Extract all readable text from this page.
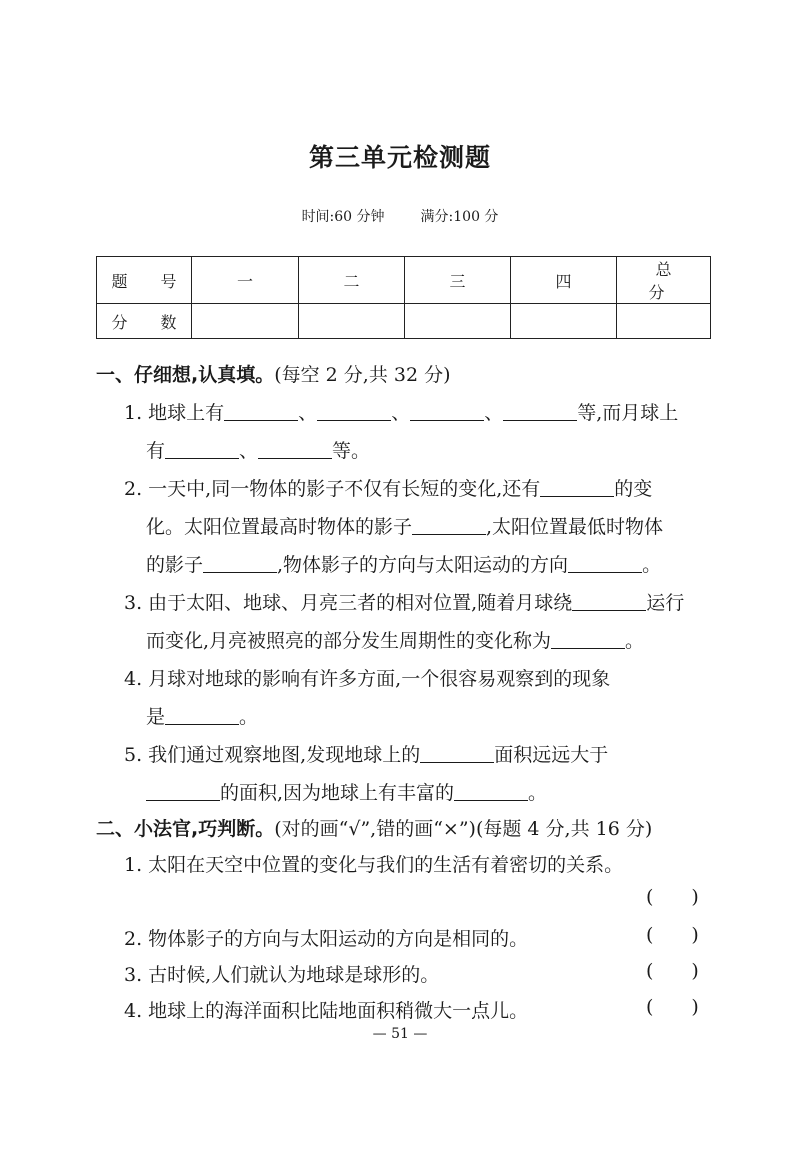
第三单元检测题
时间:60 分钟	满分:100 分
题 号	一	二	三	四	总 分
分 数					
一、仔细想,认真填。(每空 2 分,共 32 分)
1. 地球上有	、	、	、	等,而月球上
有	、	等。
2. 一天中,同一物体的影子不仅有长短的变化,还有	的变
化。太阳位置最高时物体的影子	,太阳位置最低时物体
的影子	,物体影子的方向与太阳运动的方向	。
3. 由于太阳、地球、月亮三者的相对位置,随着月球绕	运行
而变化,月亮被照亮的部分发生周期性的变化称为	。
4. 月球对地球的影响有许多方面,一个很容易观察到的现象
是	。
5. 我们通过观察地图,发现地球上的	面积远远大于
的面积,因为地球上有丰富的	。
二、小法官,巧判断。(对的画“√”,错的画“×”)(每题 4 分,共 16 分)
1. 太阳在天空中位置的变化与我们的生活有着密切的关系。
( )
2. 物体影子的方向与太阳运动的方向是相同的。	( )
3. 古时候,人们就认为地球是球形的。	( )
4. 地球上的海洋面积比陆地面积稍微大一点儿。	( )
— 51 —
